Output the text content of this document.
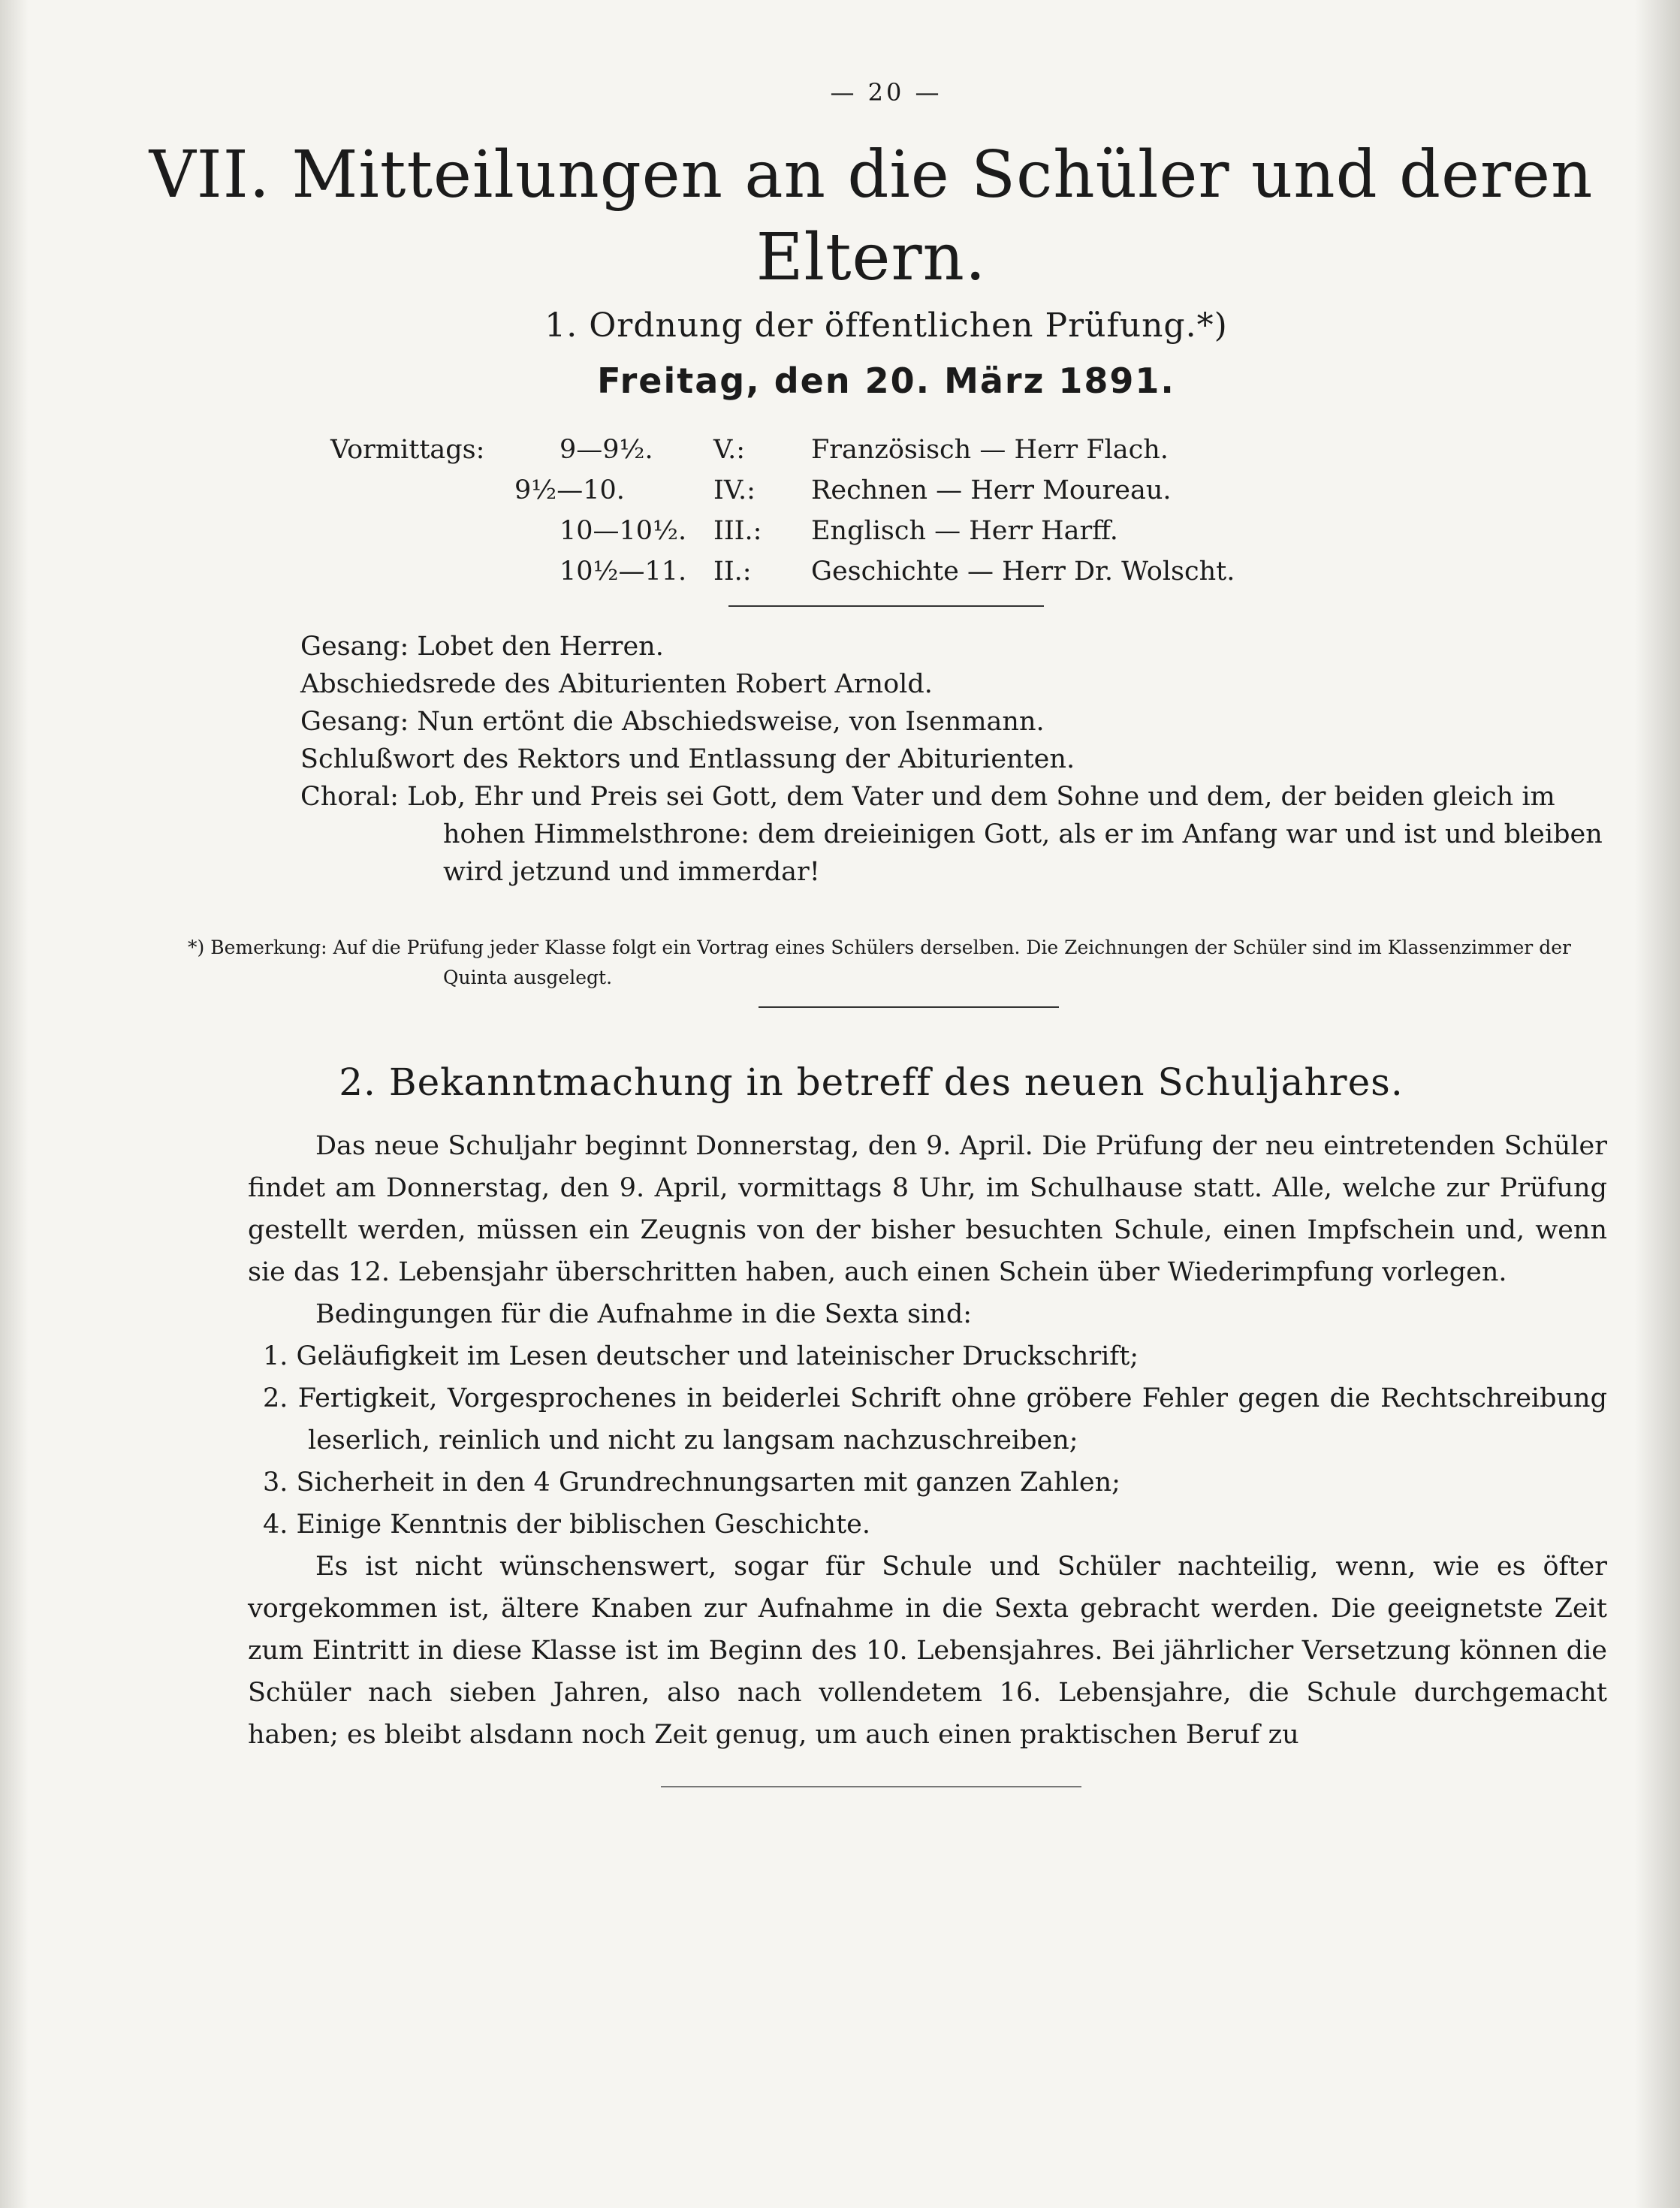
— 20 —
VII. Mitteilungen an die Schüler und deren Eltern.
1. Ordnung der öffentlichen Prüfung.*)
Freitag, den 20. März 1891.
Vormittags:	9—9½. V.:	Französisch — Herr Flach.
9½—10.	IV.: Rechnen — Herr Moureau.
10—10½. III.: Englisch — Herr Harff.
10½—11. II.: Geschichte — Herr Dr. Wolscht.

Gesang: Lobet den Herren.

Abschiedsrede des Abiturienten Robert Arnold.

Gesang: Nun ertönt die Abschiedsweise, von Isenmann.

Schlußwort des Rektors und Entlassung der Abiturienten.

Choral: Lob, Ehr und Preis sei Gott, dem Vater und dem Sohne und dem, der beiden gleich im hohen Himmelsthrone: dem dreieinigen Gott, als er im Anfang war und ist und bleiben wird jetzund und immerdar!

*) Bemerkung: Auf die Prüfung jeder Klasse folgt ein Vortrag eines Schülers derselben. Die Zeichnungen der Schüler sind im Klassenzimmer der Quinta ausgelegt.

2. Bekanntmachung in betreff des neuen Schuljahres.

Das neue Schuljahr beginnt Donnerstag, den 9. April. Die Prüfung der neu eintretenden Schüler findet am Donnerstag, den 9. April, vormittags 8 Uhr, im Schulhause statt. Alle, welche zur Prüfung gestellt werden, müssen ein Zeugnis von der bisher besuchten Schule, einen Impfschein und, wenn sie das 12. Lebensjahr überschritten haben, auch einen Schein über Wiederimpfung vorlegen.

Bedingungen für die Aufnahme in die Sexta sind:

1. Geläufigkeit im Lesen deutscher und lateinischer Druckschrift;

2. Fertigkeit, Vorgesprochenes in beiderlei Schrift ohne gröbere Fehler gegen die Rechtschreibung leserlich, reinlich und nicht zu langsam nachzuschreiben;

3. Sicherheit in den 4 Grundrechnungsarten mit ganzen Zahlen;

4. Einige Kenntnis der biblischen Geschichte.

Es ist nicht wünschenswert, sogar für Schule und Schüler nachteilig, wenn, wie es öfter vorgekommen ist, ältere Knaben zur Aufnahme in die Sexta gebracht werden. Die geeignetste Zeit zum Eintritt in diese Klasse ist im Beginn des 10. Lebensjahres. Bei jährlicher Versetzung können die Schüler nach sieben Jahren, also nach vollendetem 16. Lebensjahre, die Schule durchgemacht haben; es bleibt alsdann noch Zeit genug, um auch einen praktischen Beruf zu
